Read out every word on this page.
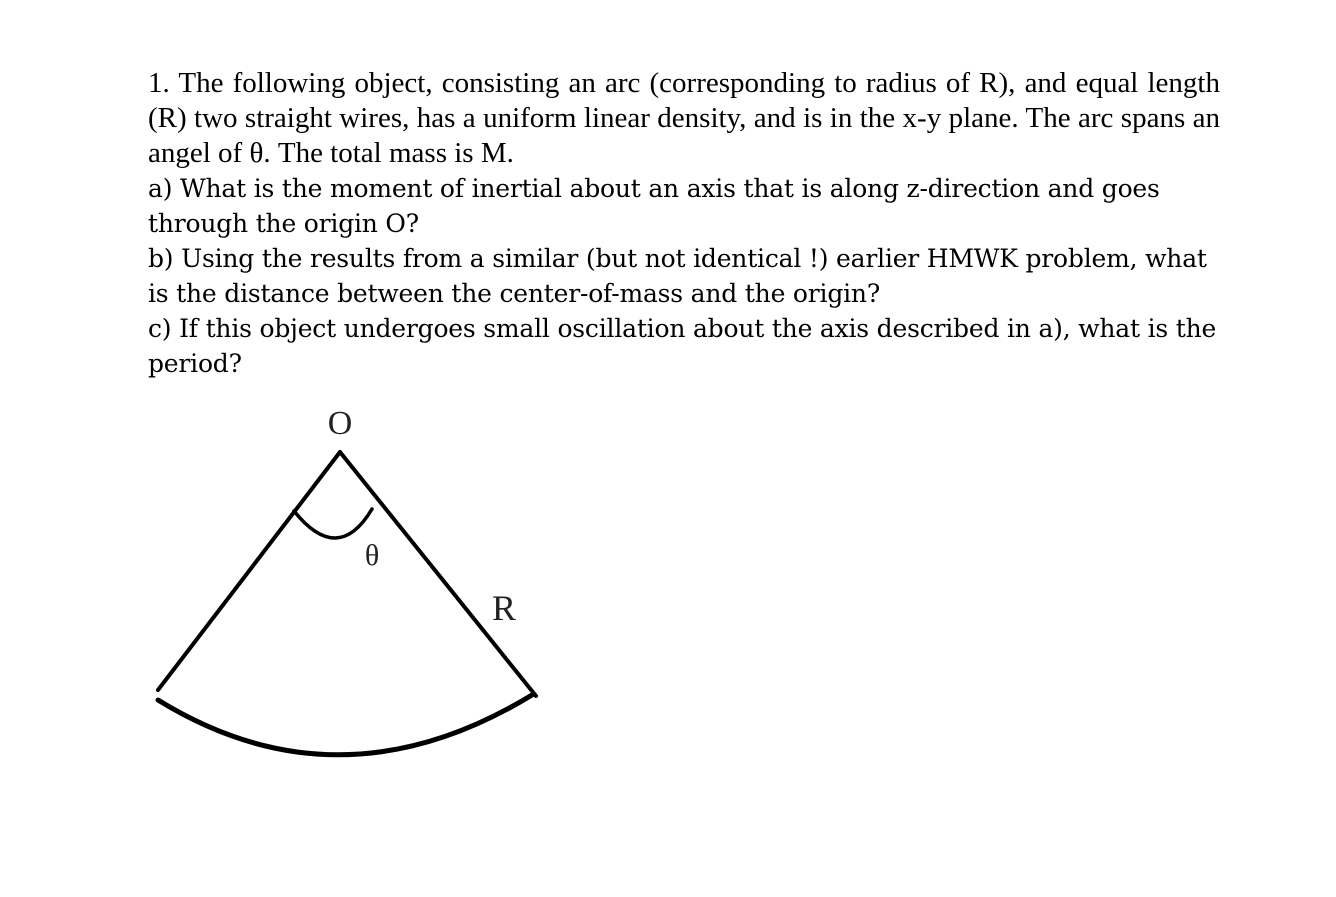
1. The following object, consisting an arc (corresponding to radius of R), and equal length (R) two straight wires, has a uniform linear density, and is in the x-y plane. The arc spans an angel of θ. The total mass is M.

a) What is the moment of inertial about an axis that is along z-direction and goes through the origin O?

b) Using the results from a similar (but not identical !) earlier HMWK problem, what is the distance between the center-of-mass and the origin?

c) If this object undergoes small oscillation about the axis described in a), what is the period?

O
θ
R
